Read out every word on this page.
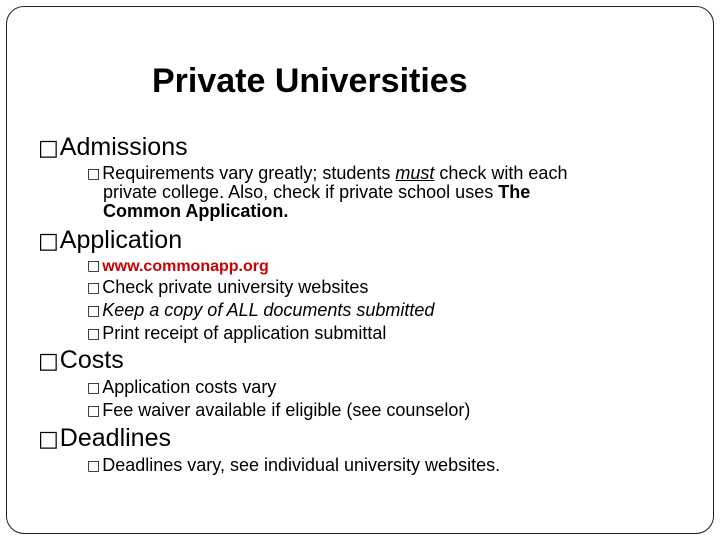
Private Universities
□Admissions
□ Requirements vary greatly; students must check with each
private college. Also, check if private school uses The
Common Application.
□Application
□ www.commonapp.org
□ Check private university websites
□ Keep a copy of ALL documents submitted
□ Print receipt of application submittal
□Costs
□ Application costs vary
□ Fee waiver available if eligible (see counselor)
□Deadlines
□ Deadlines vary, see individual university websites.
